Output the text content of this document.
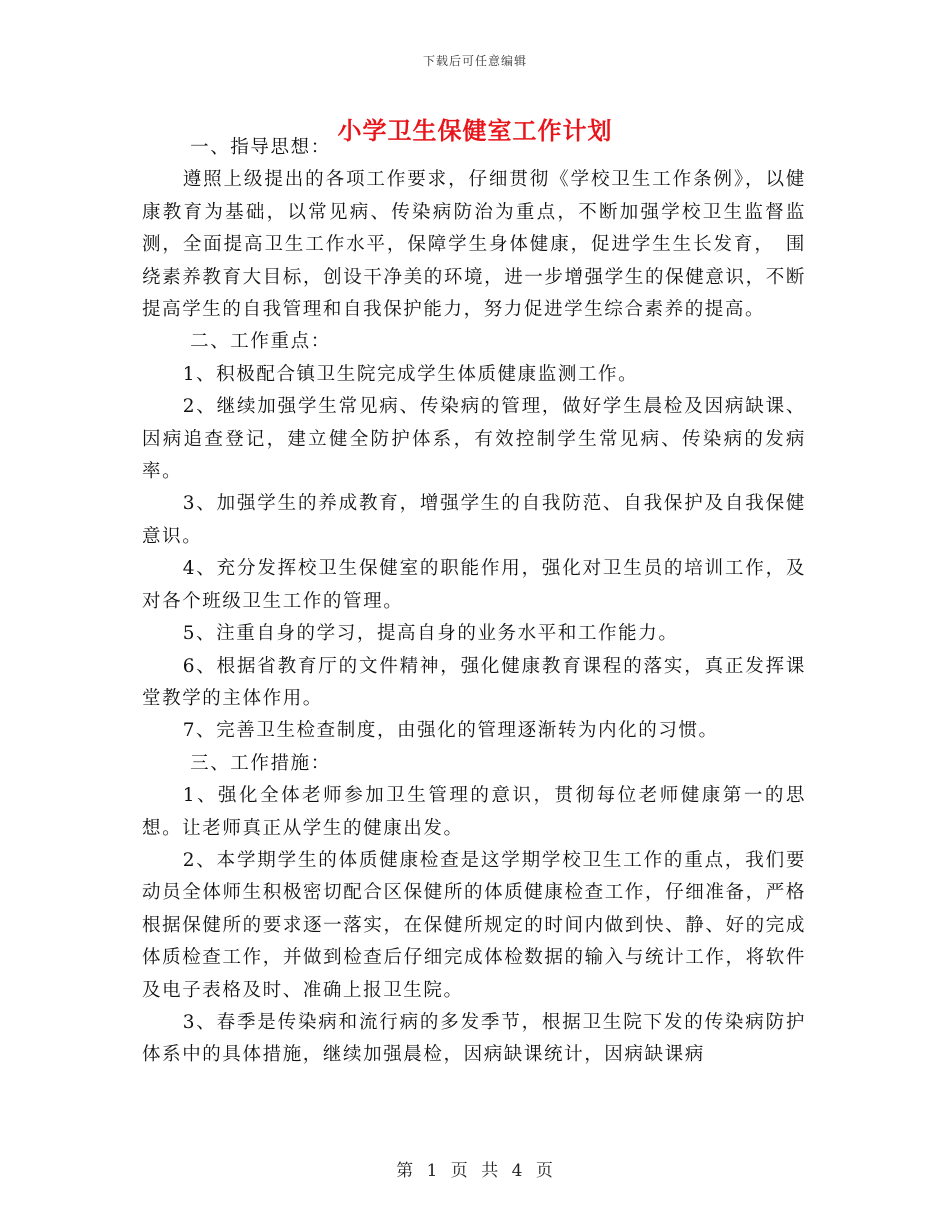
下载后可任意编辑
小学卫生保健室工作计划

一、指导思想：

遵照上级提出的各项工作要求，仔细贯彻《学校卫生工作条例》，以健康教育为基础，以常见病、传染病防治为重点，不断加强学校卫生监督监测，全面提高卫生工作水平，保障学生身体健康，促进学生生长发育，　围绕素养教育大目标，创设干净美的环境，进一步增强学生的保健意识，不断提高学生的自我管理和自我保护能力，努力促进学生综合素养的提高。

二、工作重点：

1、积极配合镇卫生院完成学生体质健康监测工作。

2、继续加强学生常见病、传染病的管理，做好学生晨检及因病缺课、因病追查登记，建立健全防护体系，有效控制学生常见病、传染病的发病率。

3、加强学生的养成教育，增强学生的自我防范、自我保护及自我保健意识。

4、充分发挥校卫生保健室的职能作用，强化对卫生员的培训工作，及对各个班级卫生工作的管理。

5、注重自身的学习，提高自身的业务水平和工作能力。

6、根据省教育厅的文件精神，强化健康教育课程的落实，真正发挥课堂教学的主体作用。

7、完善卫生检查制度，由强化的管理逐渐转为内化的习惯。

三、工作措施：

1、强化全体老师参加卫生管理的意识，贯彻每位老师健康第一的思想。让老师真正从学生的健康出发。

2、本学期学生的体质健康检查是这学期学校卫生工作的重点，我们要动员全体师生积极密切配合区保健所的体质健康检查工作，仔细准备，严格根据保健所的要求逐一落实，在保健所规定的时间内做到快、静、好的完成体质检查工作，并做到检查后仔细完成体检数据的输入与统计工作，将软件及电子表格及时、准确上报卫生院。

3、春季是传染病和流行病的多发季节，根据卫生院下发的传染病防护体系中的具体措施，继续加强晨检，因病缺课统计，因病缺课病

第 1 页 共 4 页
